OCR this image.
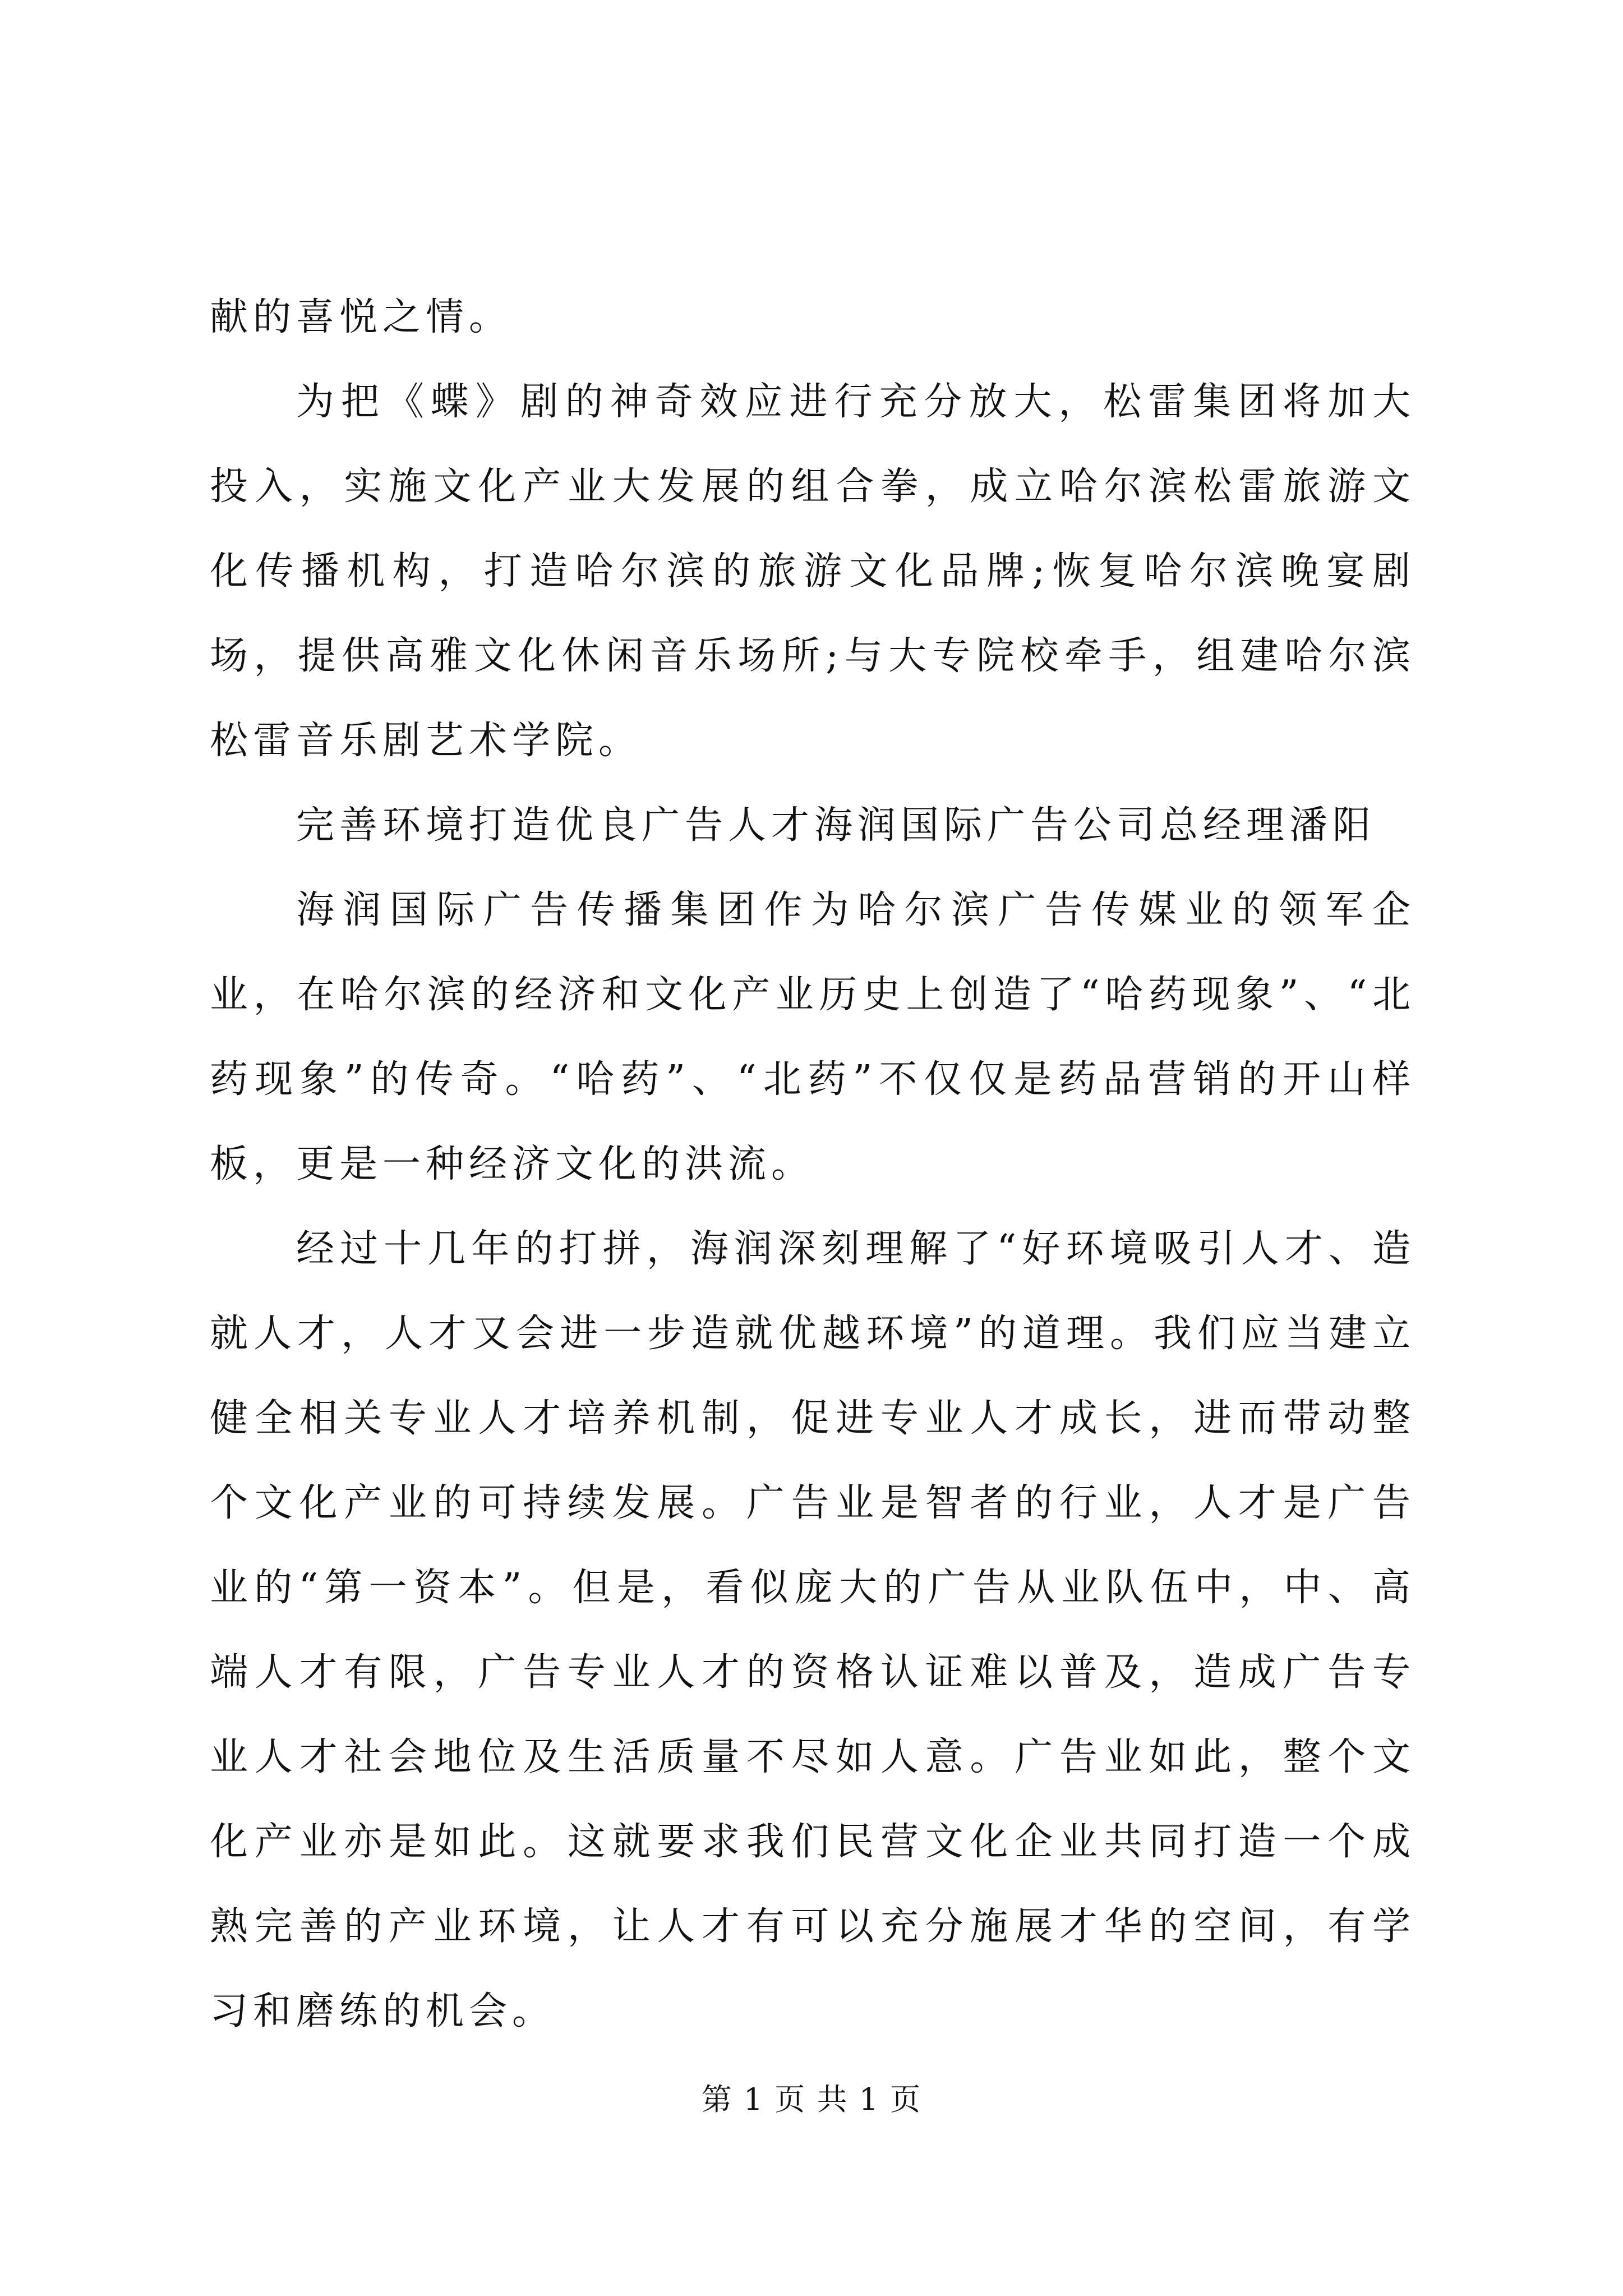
献的喜悦之情。

为把《蝶》剧的神奇效应进行充分放大，松雷集团将加大投入，实施文化产业大发展的组合拳，成立哈尔滨松雷旅游文化传播机构，打造哈尔滨的旅游文化品牌;恢复哈尔滨晚宴剧场，提供高雅文化休闲音乐场所;与大专院校牵手，组建哈尔滨松雷音乐剧艺术学院。

完善环境打造优良广告人才海润国际广告公司总经理潘阳

海润国际广告传播集团作为哈尔滨广告传媒业的领军企业，在哈尔滨的经济和文化产业历史上创造了“哈药现象”、“北药现象”的传奇。“哈药”、“北药”不仅仅是药品营销的开山样板，更是一种经济文化的洪流。

经过十几年的打拼，海润深刻理解了“好环境吸引人才、造就人才，人才又会进一步造就优越环境”的道理。我们应当建立健全相关专业人才培养机制，促进专业人才成长，进而带动整个文化产业的可持续发展。广告业是智者的行业，人才是广告业的“第一资本”。但是，看似庞大的广告从业队伍中，中、高端人才有限，广告专业人才的资格认证难以普及，造成广告专业人才社会地位及生活质量不尽如人意。广告业如此，整个文化产业亦是如此。这就要求我们民营文化企业共同打造一个成熟完善的产业环境，让人才有可以充分施展才华的空间，有学习和磨练的机会。

第 1 页 共 1 页
